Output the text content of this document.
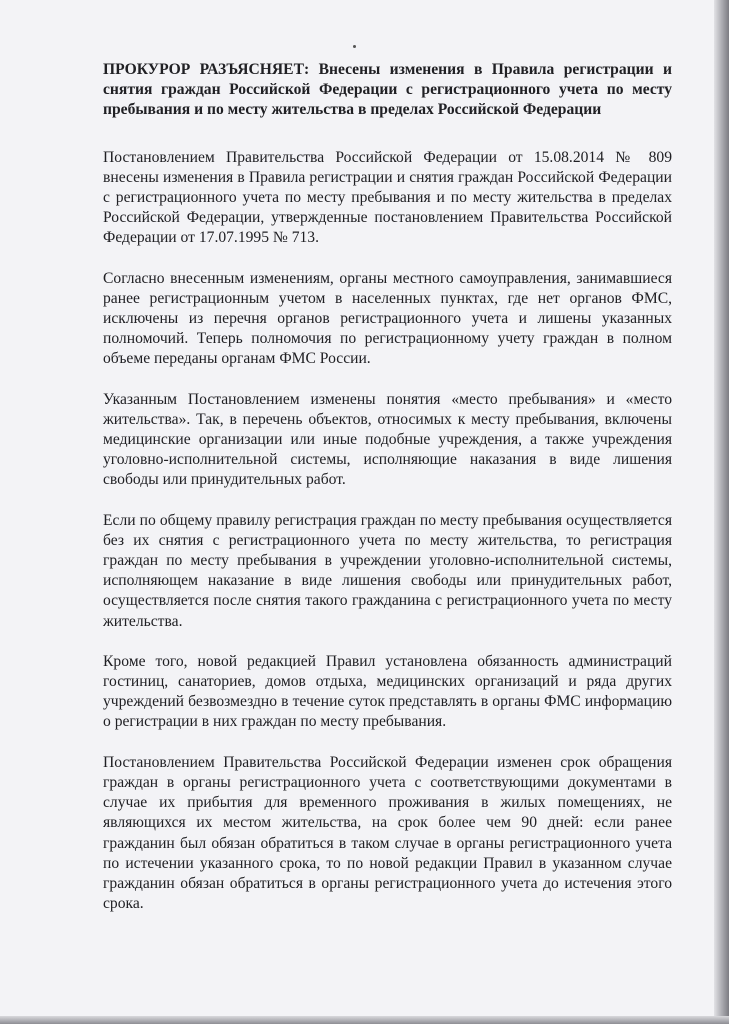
ПРОКУРОР РАЗЪЯСНЯЕТ: Внесены изменения в Правила регистрации и снятия граждан Российской Федерации с регистрационного учета по месту пребывания и по месту жительства в пределах Российской Федерации

Постановлением Правительства Российской Федерации от 15.08.2014 № 809 внесены изменения в Правила регистрации и снятия граждан Российской Федерации с регистрационного учета по месту пребывания и по месту жительства в пределах Российской Федерации, утвержденные постановлением Правительства Российской Федерации от 17.07.1995 № 713.

Согласно внесенным изменениям, органы местного самоуправления, занимавшиеся ранее регистрационным учетом в населенных пунктах, где нет органов ФМС, исключены из перечня органов регистрационного учета и лишены указанных полномочий. Теперь полномочия по регистрационному учету граждан в полном объеме переданы органам ФМС России.

Указанным Постановлением изменены понятия «место пребывания» и «место жительства». Так, в перечень объектов, относимых к месту пребывания, включены медицинские организации или иные подобные учреждения, а также учреждения уголовно-исполнительной системы, исполняющие наказания в виде лишения свободы или принудительных работ.

Если по общему правилу регистрация граждан по месту пребывания осуществляется без их снятия с регистрационного учета по месту жительства, то регистрация граждан по месту пребывания в учреждении уголовно-исполнительной системы, исполняющем наказание в виде лишения свободы или принудительных работ, осуществляется после снятия такого гражданина с регистрационного учета по месту жительства.

Кроме того, новой редакцией Правил установлена обязанность администраций гостиниц, санаториев, домов отдыха, медицинских организаций и ряда других учреждений безвозмездно в течение суток представлять в органы ФМС информацию о регистрации в них граждан по месту пребывания.

Постановлением Правительства Российской Федерации изменен срок обращения граждан в органы регистрационного учета с соответствующими документами в случае их прибытия для временного проживания в жилых помещениях, не являющихся их местом жительства, на срок более чем 90 дней: если ранее гражданин был обязан обратиться в таком случае в органы регистрационного учета по истечении указанного срока, то по новой редакции Правил в указанном случае гражданин обязан обратиться в органы регистрационного учета до истечения этого срока.
